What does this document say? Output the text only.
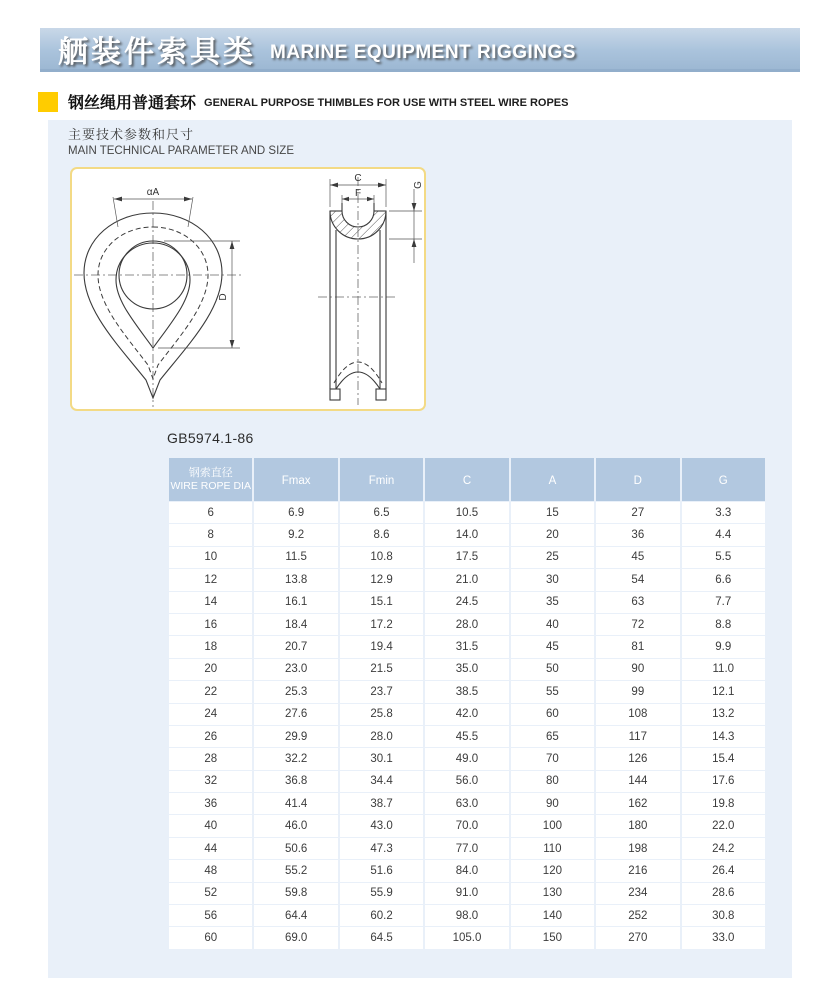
舾装件索具类 MARINE EQUIPMENT RIGGINGS
钢丝绳用普通套环 GENERAL PURPOSE THIMBLES FOR USE WITH STEEL WIRE ROPES
主要技术参数和尺寸
MAIN TECHNICAL PARAMETER AND SIZE
αA
D
C
F
G
GB5974.1-86
钢索直径
WIRE ROPE DIA	Fmax	Fmin	C	A	D	G
6	6.9	6.5	10.5	15	27	3.3
8	9.2	8.6	14.0	20	36	4.4
10	11.5	10.8	17.5	25	45	5.5
12	13.8	12.9	21.0	30	54	6.6
14	16.1	15.1	24.5	35	63	7.7
16	18.4	17.2	28.0	40	72	8.8
18	20.7	19.4	31.5	45	81	9.9
20	23.0	21.5	35.0	50	90	11.0
22	25.3	23.7	38.5	55	99	12.1
24	27.6	25.8	42.0	60	108	13.2
26	29.9	28.0	45.5	65	117	14.3
28	32.2	30.1	49.0	70	126	15.4
32	36.8	34.4	56.0	80	144	17.6
36	41.4	38.7	63.0	90	162	19.8
40	46.0	43.0	70.0	100	180	22.0
44	50.6	47.3	77.0	110	198	24.2
48	55.2	51.6	84.0	120	216	26.4
52	59.8	55.9	91.0	130	234	28.6
56	64.4	60.2	98.0	140	252	30.8
60	69.0	64.5	105.0	150	270	33.0
